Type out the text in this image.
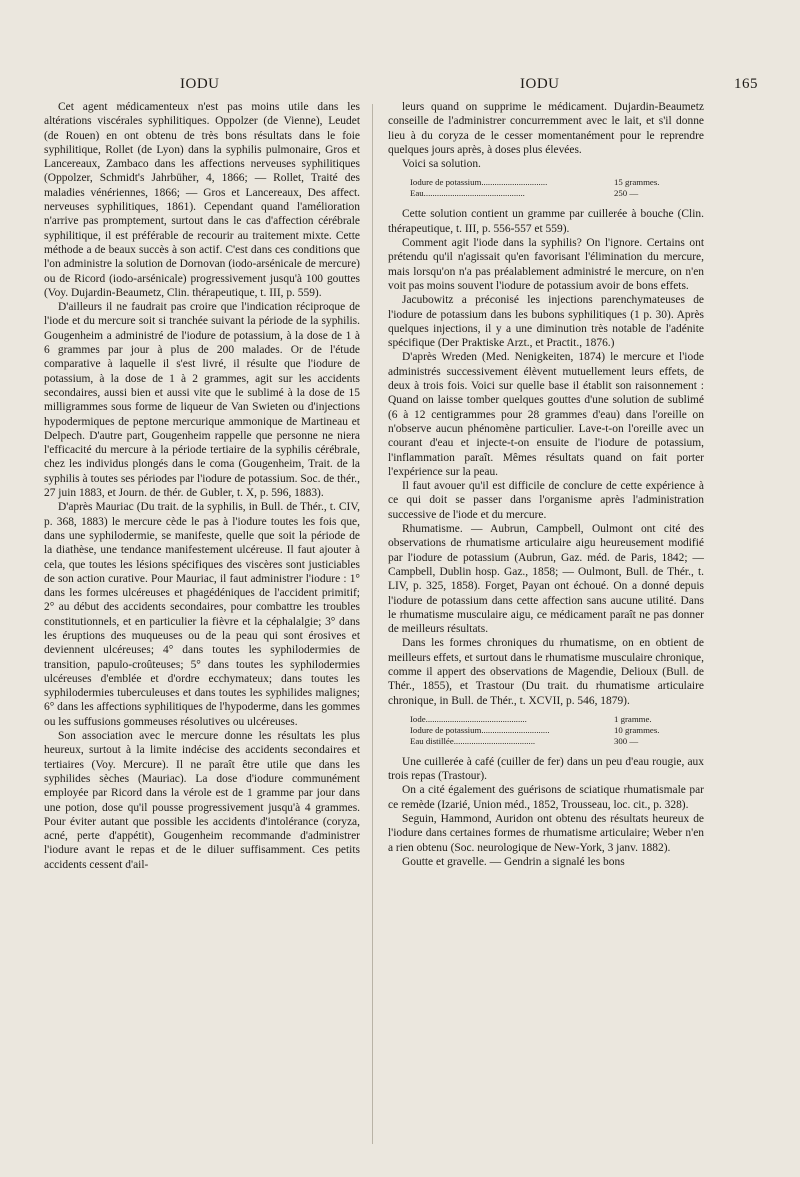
IODU	IODU	165

Cet agent médicamenteux n'est pas moins utile dans les altérations viscérales syphilitiques. Oppolzer (de Vienne), Leudet (de Rouen) en ont obtenu de très bons résultats dans le foie syphilitique, Rollet (de Lyon) dans la syphilis pulmonaire, Gros et Lancereaux, Zambaco dans les affections nerveuses syphilitiques (Oppolzer, Schmidt's Jahrbüher, 4, 1866; — Rollet, Traité des maladies vénériennes, 1866; — Gros et Lancereaux, Des affect. nerveuses syphilitiques, 1861). Cependant quand l'amélioration n'arrive pas promptement, surtout dans le cas d'affection cérébrale syphilitique, il est préférable de recourir au traitement mixte. Cette méthode a de beaux succès à son actif. C'est dans ces conditions que l'on administre la solution de Dornovan (iodo-arsénicale de mercure) ou de Ricord (iodo-arsénicale) progressivement jusqu'à 100 gouttes (Voy. Dujardin-Beaumetz, Clin. thérapeutique, t. III, p. 559).

D'ailleurs il ne faudrait pas croire que l'indication réciproque de l'iode et du mercure soit si tranchée suivant la période de la syphilis. Gougenheim a administré de l'iodure de potassium, à la dose de 1 à 6 grammes par jour à plus de 200 malades. Or de l'étude comparative à laquelle il s'est livré, il résulte que l'iodure de potassium, à la dose de 1 à 2 grammes, agit sur les accidents secondaires, aussi bien et aussi vite que le sublimé à la dose de 15 milligrammes sous forme de liqueur de Van Swieten ou d'injections hypodermiques de peptone mercurique ammonique de Martineau et Delpech. D'autre part, Gougenheim rappelle que personne ne niera l'efficacité du mercure à la période tertiaire de la syphilis cérébrale, chez les individus plongés dans le coma (Gougenheim, Trait. de la syphilis à toutes ses périodes par l'iodure de potassium. Soc. de thér., 27 juin 1883, et Journ. de thér. de Gubler, t. X, p. 596, 1883).

D'après Mauriac (Du trait. de la syphilis, in Bull. de Thér., t. CIV, p. 368, 1883) le mercure cède le pas à l'iodure toutes les fois que, dans une syphilodermie, se manifeste, quelle que soit la période de la diathèse, une tendance manifestement ulcéreuse. Il faut ajouter à cela, que toutes les lésions spécifiques des viscères sont justiciables de son action curative. Pour Mauriac, il faut administrer l'iodure : 1° dans les formes ulcéreuses et phagédéniques de l'accident primitif; 2° au début des accidents secondaires, pour combattre les troubles constitutionnels, et en particulier la fièvre et la céphalalgie; 3° dans les éruptions des muqueuses ou de la peau qui sont érosives et deviennent ulcéreuses; 4° dans toutes les syphilodermies de transition, papulo-croûteuses; 5° dans toutes les syphilodermies ulcéreuses d'emblée et d'ordre ecchymateux; dans toutes les syphilodermies tuberculeuses et dans toutes les syphilides malignes; 6° dans les affections syphilitiques de l'hypoderme, dans les gommes ou les suffusions gommeuses résolutives ou ulcéreuses.

Son association avec le mercure donne les résultats les plus heureux, surtout à la limite indécise des accidents secondaires et tertiaires (Voy. Mercure). Il ne paraît être utile que dans les syphilides sèches (Mauriac). La dose d'iodure communément employée par Ricord dans la vérole est de 1 gramme par jour dans une potion, dose qu'il pousse progressivement jusqu'à 4 grammes. Pour éviter autant que possible les accidents d'intolérance (coryza, acné, perte d'appétit), Gougenheim recommande d'administrer l'iodure avant le repas et de le diluer suffisamment. Ces petits accidents cessent d'ail-

leurs quand on supprime le médicament. Dujardin-Beaumetz conseille de l'administrer concurremment avec le lait, et s'il donne lieu à du coryza de le cesser momentanément pour le reprendre quelques jours après, à doses plus élevées.

Voici sa solution.

Iodure de potassium..............................	15 grammes.
Eau..............................................	250 —

Cette solution contient un gramme par cuillerée à bouche (Clin. thérapeutique, t. III, p. 556-557 et 559).

Comment agit l'iode dans la syphilis? On l'ignore. Certains ont prétendu qu'il n'agissait qu'en favorisant l'élimination du mercure, mais lorsqu'on n'a pas préalablement administré le mercure, on n'en voit pas moins souvent l'iodure de potassium avoir de bons effets.

Jacubowitz a préconisé les injections parenchymateuses de l'iodure de potassium dans les bubons syphilitiques (1 p. 30). Après quelques injections, il y a une diminution très notable de l'adénite spécifique (Der Praktiske Arzt., et Practit., 1876.)

D'après Wreden (Med. Nenigkeiten, 1874) le mercure et l'iode administrés successivement élèvent mutuellement leurs effets, de deux à trois fois. Voici sur quelle base il établit son raisonnement : Quand on laisse tomber quelques gouttes d'une solution de sublimé (6 à 12 centigrammes pour 28 grammes d'eau) dans l'oreille on n'observe aucun phénomène particulier. Lave-t-on l'oreille avec un courant d'eau et injecte-t-on ensuite de l'iodure de potassium, l'inflammation paraît. Mêmes résultats quand on fait porter l'expérience sur la peau.

Il faut avouer qu'il est difficile de conclure de cette expérience à ce qui doit se passer dans l'organisme après l'administration successive de l'iode et du mercure.

Rhumatisme. — Aubrun, Campbell, Oulmont ont cité des observations de rhumatisme articulaire aigu heureusement modifié par l'iodure de potassium (Aubrun, Gaz. méd. de Paris, 1842; — Campbell, Dublin hosp. Gaz., 1858; — Oulmont, Bull. de Thér., t. LIV, p. 325, 1858). Forget, Payan ont échoué. On a donné depuis l'iodure de potassium dans cette affection sans aucune utilité. Dans le rhumatisme musculaire aigu, ce médicament paraît ne pas donner de meilleurs résultats.

Dans les formes chroniques du rhumatisme, on en obtient de meilleurs effets, et surtout dans le rhumatisme musculaire chronique, comme il appert des observations de Magendie, Delioux (Bull. de Thér., 1855), et Trastour (Du trait. du rhumatisme articulaire chronique, in Bull. de Thér., t. XCVII, p. 546, 1879).

Iode..............................................	1 gramme.
Iodure de potassium...............................	10 grammes.
Eau distillée.....................................	300 —

Une cuillerée à café (cuiller de fer) dans un peu d'eau rougie, aux trois repas (Trastour).

On a cité également des guérisons de sciatique rhumatismale par ce remède (Izarié, Union méd., 1852, Trousseau, loc. cit., p. 328).

Seguin, Hammond, Auridon ont obtenu des résultats heureux de l'iodure dans certaines formes de rhumatisme articulaire; Weber n'en a rien obtenu (Soc. neurologique de New-York, 3 janv. 1882).

Goutte et gravelle. — Gendrin a signalé les bons
